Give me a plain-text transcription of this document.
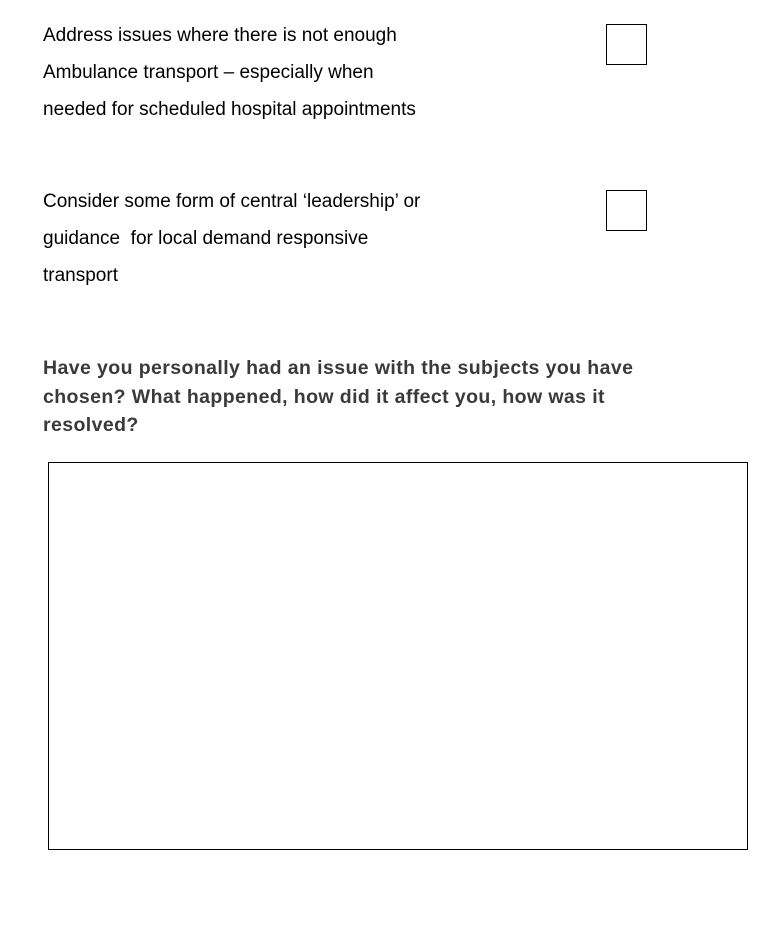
Address issues where there is not enough
Ambulance transport – especially when
needed for scheduled hospital appointments

Consider some form of central ‘leadership’ or
guidance  for local demand responsive
transport

Have you personally had an issue with the subjects you have
chosen? What happened, how did it affect you, how was it
resolved?
